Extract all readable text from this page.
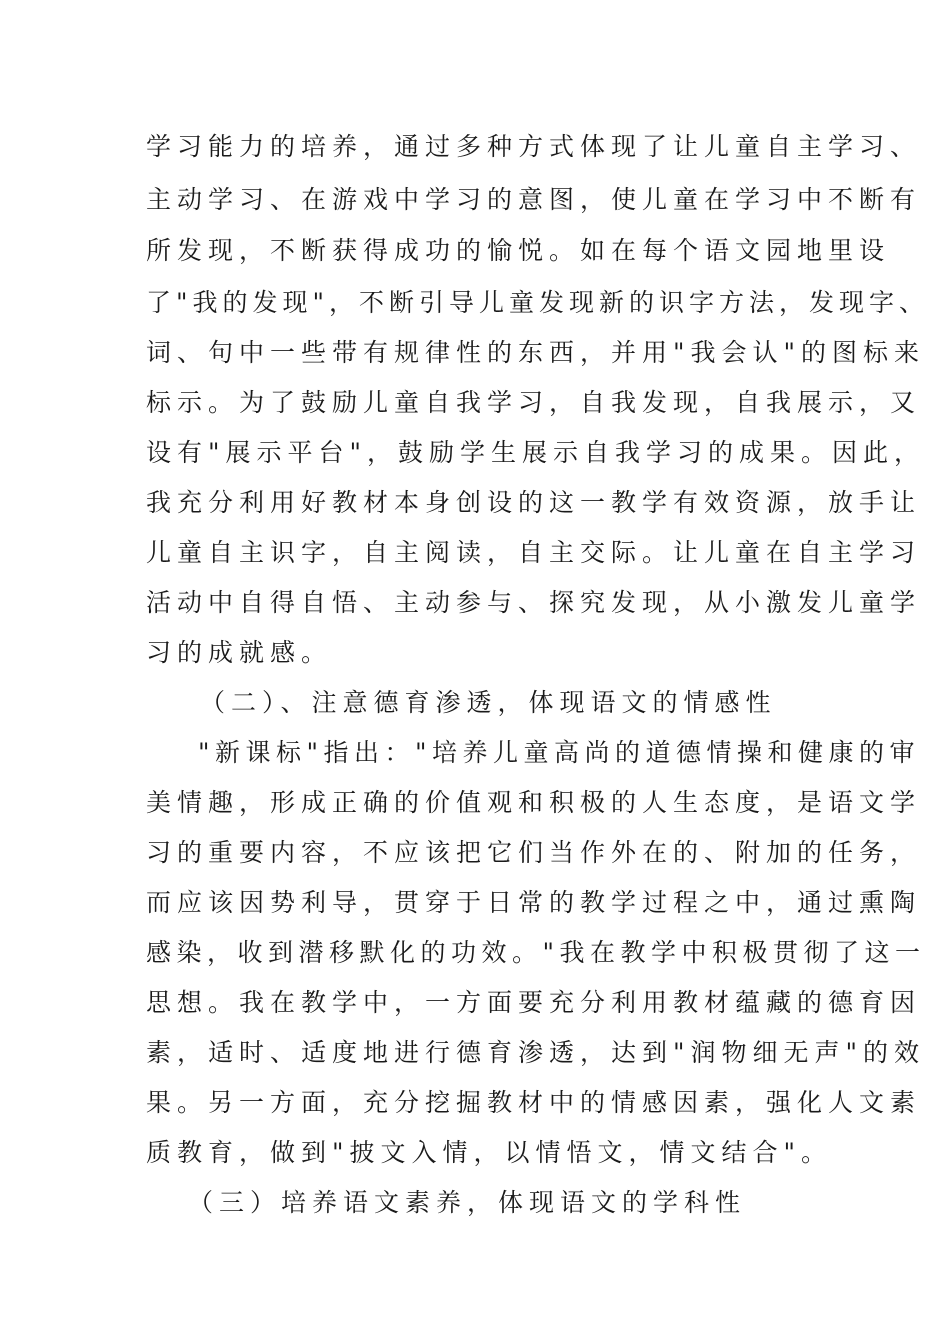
学习能力的培养，通过多种方式体现了让儿童自主学习、

主动学习、在游戏中学习的意图，使儿童在学习中不断有

所发现，不断获得成功的愉悦。如在每个语文园地里设

了"我的发现"，不断引导儿童发现新的识字方法，发现字、

词、句中一些带有规律性的东西，并用"我会认"的图标来

标示。为了鼓励儿童自我学习，自我发现，自我展示，又

设有"展示平台"，鼓励学生展示自我学习的成果。因此，

我充分利用好教材本身创设的这一教学有效资源，放手让

儿童自主识字，自主阅读，自主交际。让儿童在自主学习

活动中自得自悟、主动参与、探究发现，从小激发儿童学

习的成就感。

（二）、注意德育渗透，体现语文的情感性

"新课标"指出："培养儿童高尚的道德情操和健康的审

美情趣，形成正确的价值观和积极的人生态度，是语文学

习的重要内容，不应该把它们当作外在的、附加的任务，

而应该因势利导，贯穿于日常的教学过程之中，通过熏陶

感染，收到潜移默化的功效。"我在教学中积极贯彻了这一

思想。我在教学中，一方面要充分利用教材蕴藏的德育因

素，适时、适度地进行德育渗透，达到"润物细无声"的效

果。另一方面，充分挖掘教材中的情感因素，强化人文素

质教育，做到"披文入情，以情悟文，情文结合"。

（三）培养语文素养，体现语文的学科性
